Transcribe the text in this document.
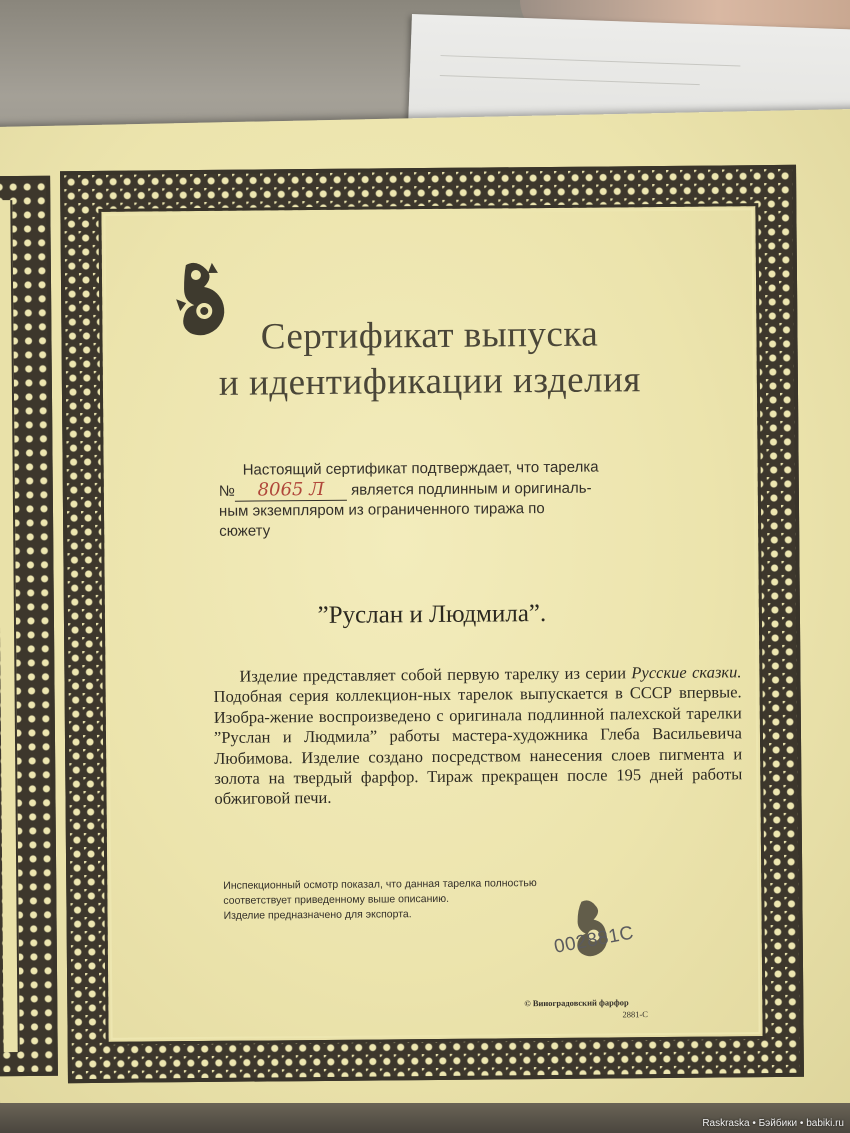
Сертификат выпуска
и идентификации изделия
Настоящий сертификат подтверждает, что тарелка
№ 8065 Л является подлинным и оригиналь-
ным экземпляром из ограниченного тиража по
сюжету
”Руслан и Людмила”.

Изделие представляет собой первую тарелку из серии Русские сказки. Подобная серия коллекцион-ных тарелок выпускается в СССР впервые. Изобра-жение воспроизведено с оригинала подлинной палехской тарелки ”Руслан и Людмила” работы мастера-художника Глеба Васильевича Любимова. Изделие создано посредством нанесения слоев пигмента и золота на твердый фарфор. Тираж прекращен после 195 дней работы обжиговой печи.

Инспекционный осмотр показал, что данная тарелка полностью
соответствует приведенному выше описанию.
Изделие предназначено для экспорта.
002881C
© Виноградовский фарфор
2881-С
Raskraska • Бэйбики • babiki.ru
